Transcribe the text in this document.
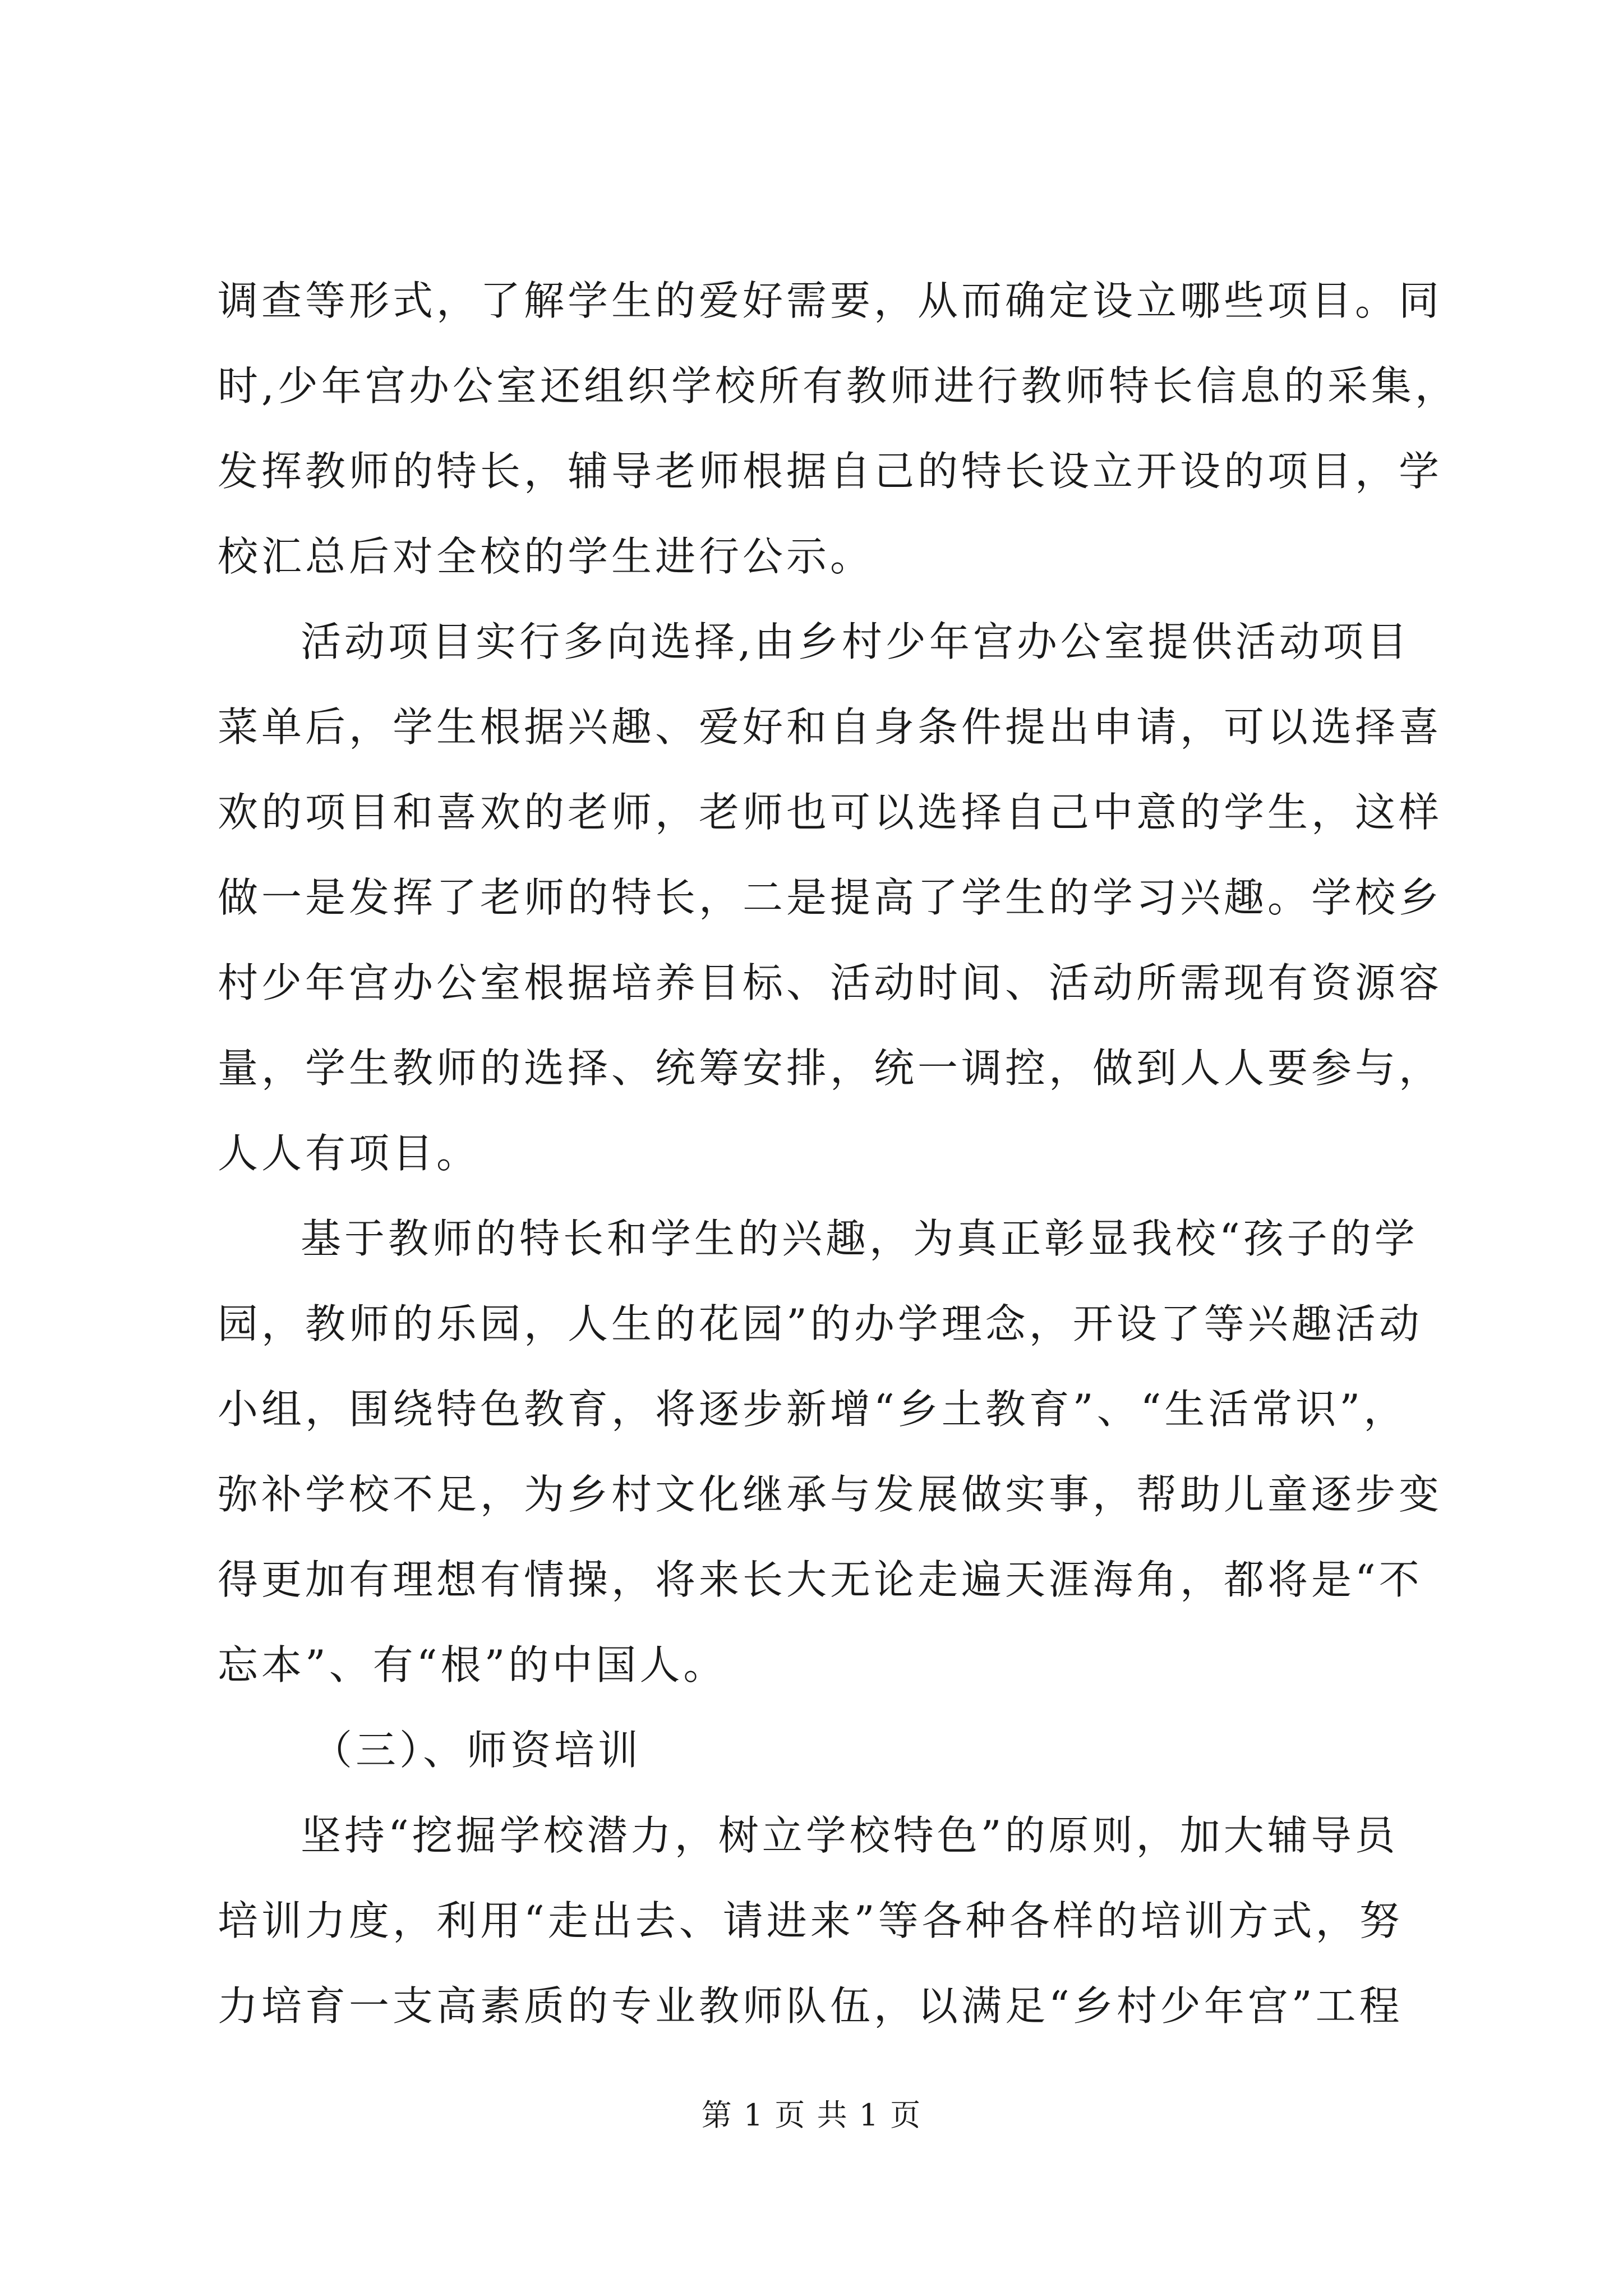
调查等形式，了解学生的爱好需要，从而确定设立哪些项目。同
时,少年宫办公室还组织学校所有教师进行教师特长信息的采集，
发挥教师的特长，辅导老师根据自己的特长设立开设的项目，学
校汇总后对全校的学生进行公示。
活动项目实行多向选择,由乡村少年宫办公室提供活动项目
菜单后，学生根据兴趣、爱好和自身条件提出申请，可以选择喜
欢的项目和喜欢的老师，老师也可以选择自己中意的学生，这样
做一是发挥了老师的特长，二是提高了学生的学习兴趣。学校乡
村少年宫办公室根据培养目标、活动时间、活动所需现有资源容
量，学生教师的选择、统筹安排，统一调控，做到人人要参与，
人人有项目。
基于教师的特长和学生的兴趣，为真正彰显我校“孩子的学
园，教师的乐园，人生的花园”的办学理念，开设了等兴趣活动
小组，围绕特色教育，将逐步新增“乡土教育”、“生活常识”，
弥补学校不足，为乡村文化继承与发展做实事，帮助儿童逐步变
得更加有理想有情操，将来长大无论走遍天涯海角，都将是“不
忘本”、有“根”的中国人。
（三）、师资培训
坚持“挖掘学校潜力，树立学校特色”的原则，加大辅导员
培训力度，利用“走出去、请进来”等各种各样的培训方式，努
力培育一支高素质的专业教师队伍，以满足“乡村少年宫”工程
第 1 页 共 1 页
